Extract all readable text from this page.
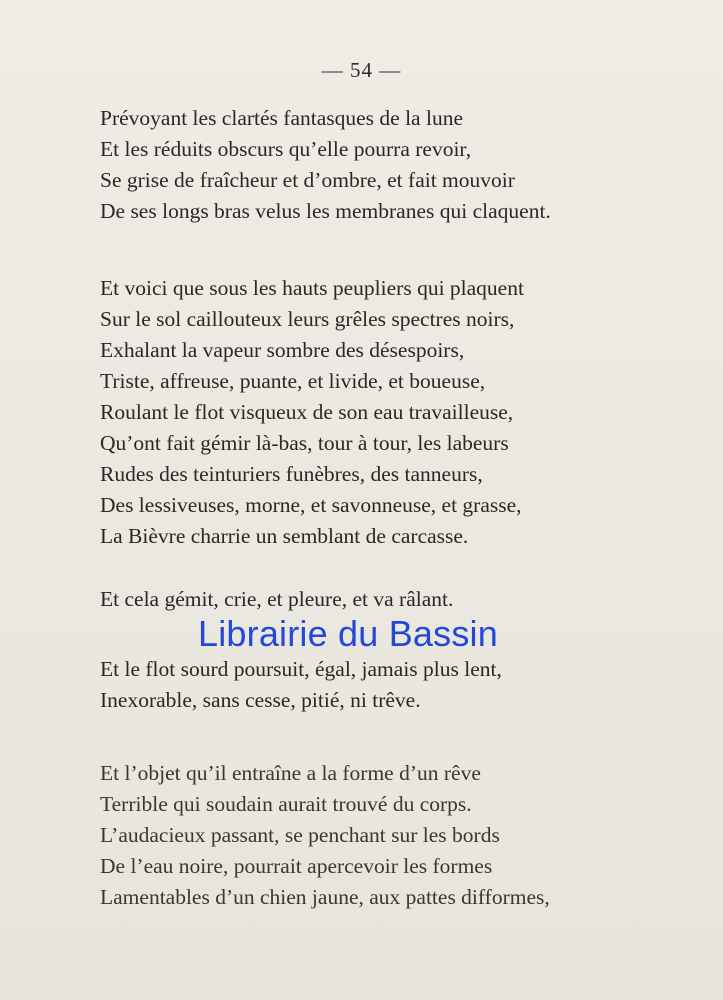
— 54 —
Prévoyant les clartés fantasques de la lune
Et les réduits obscurs qu’elle pourra revoir,
Se grise de fraîcheur et d’ombre, et fait mouvoir
De ses longs bras velus les membranes qui claquent.
Et voici que sous les hauts peupliers qui plaquent
Sur le sol caillouteux leurs grêles spectres noirs,
Exhalant la vapeur sombre des désespoirs,
Triste, affreuse, puante, et livide, et boueuse,
Roulant le flot visqueux de son eau travailleuse,
Qu’ont fait gémir là-bas, tour à tour, les labeurs
Rudes des teinturiers funèbres, des tanneurs,
Des lessiveuses, morne, et savonneuse, et grasse,
La Bièvre charrie un semblant de carcasse.
Et cela gémit, crie, et pleure, et va râlant.
Librairie du Bassin
Et le flot sourd poursuit, égal, jamais plus lent,
Inexorable, sans cesse, pitié, ni trêve.
Et l’objet qu’il entraîne a la forme d’un rêve
Terrible qui soudain aurait trouvé du corps.
L’audacieux passant, se penchant sur les bords
De l’eau noire, pourrait apercevoir les formes
Lamentables d’un chien jaune, aux pattes difformes,
